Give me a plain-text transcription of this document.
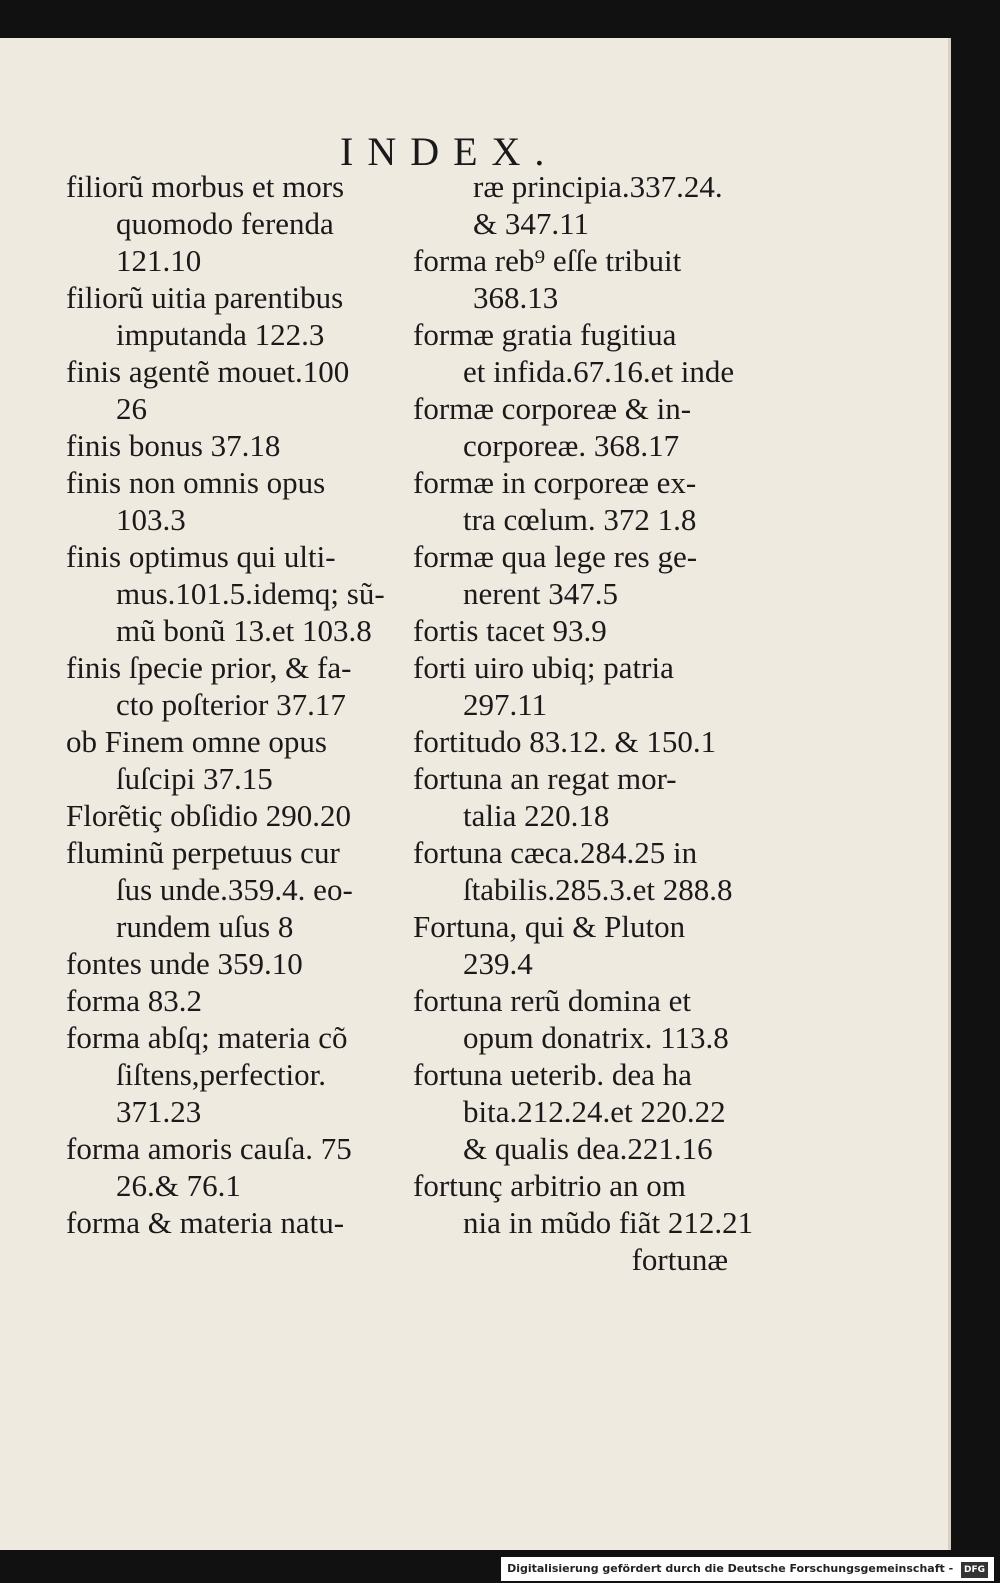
INDEX.
filiorũ morbus et mors
quomodo ferenda
121.10
filiorũ uitia parentibus
imputanda 122.3
finis agentẽ mouet.100
26
finis bonus 37.18
finis non omnis opus
103.3
finis optimus qui ulti-
mus.101.5.idemq; sũ-
mũ bonũ 13.et 103.8
finis ſpecie prior, & fa-
cto poſterior 37.17
ob Finem omne opus
ſuſcipi 37.15
Florẽtiç obſidio 290.20
fluminũ perpetuus cur
ſus unde.359.4. eo-
rundem uſus 8
fontes unde 359.10
forma 83.2
forma abſq; materia cõ
ſiſtens,perfectior.
371.23
forma amoris cauſa. 75
26.& 76.1
forma & materia natu-
ræ principia.337.24.
& 347.11
forma reb⁹ eſſe tribuit
368.13
formæ gratia fugitiua
et infida.67.16.et inde
formæ corporeæ & in-
corporeæ. 368.17
formæ in corporeæ ex-
tra cœlum. 372 1.8
formæ qua lege res ge-
nerent 347.5
fortis tacet 93.9
forti uiro ubiq; patria
297.11
fortitudo 83.12. & 150.1
fortuna an regat mor-
talia 220.18
fortuna cæca.284.25 in
ſtabilis.285.3.et 288.8
Fortuna, qui & Pluton
239.4
fortuna rerũ domina et
opum donatrix. 113.8
fortuna ueterib. dea ha
bita.212.24.et 220.22
& qualis dea.221.16
fortunç arbitrio an om
nia in mũdo fiãt 212.21
fortunæ
Digitalisierung gefördert durch die Deutsche Forschungsgemeinschaft - DFG
